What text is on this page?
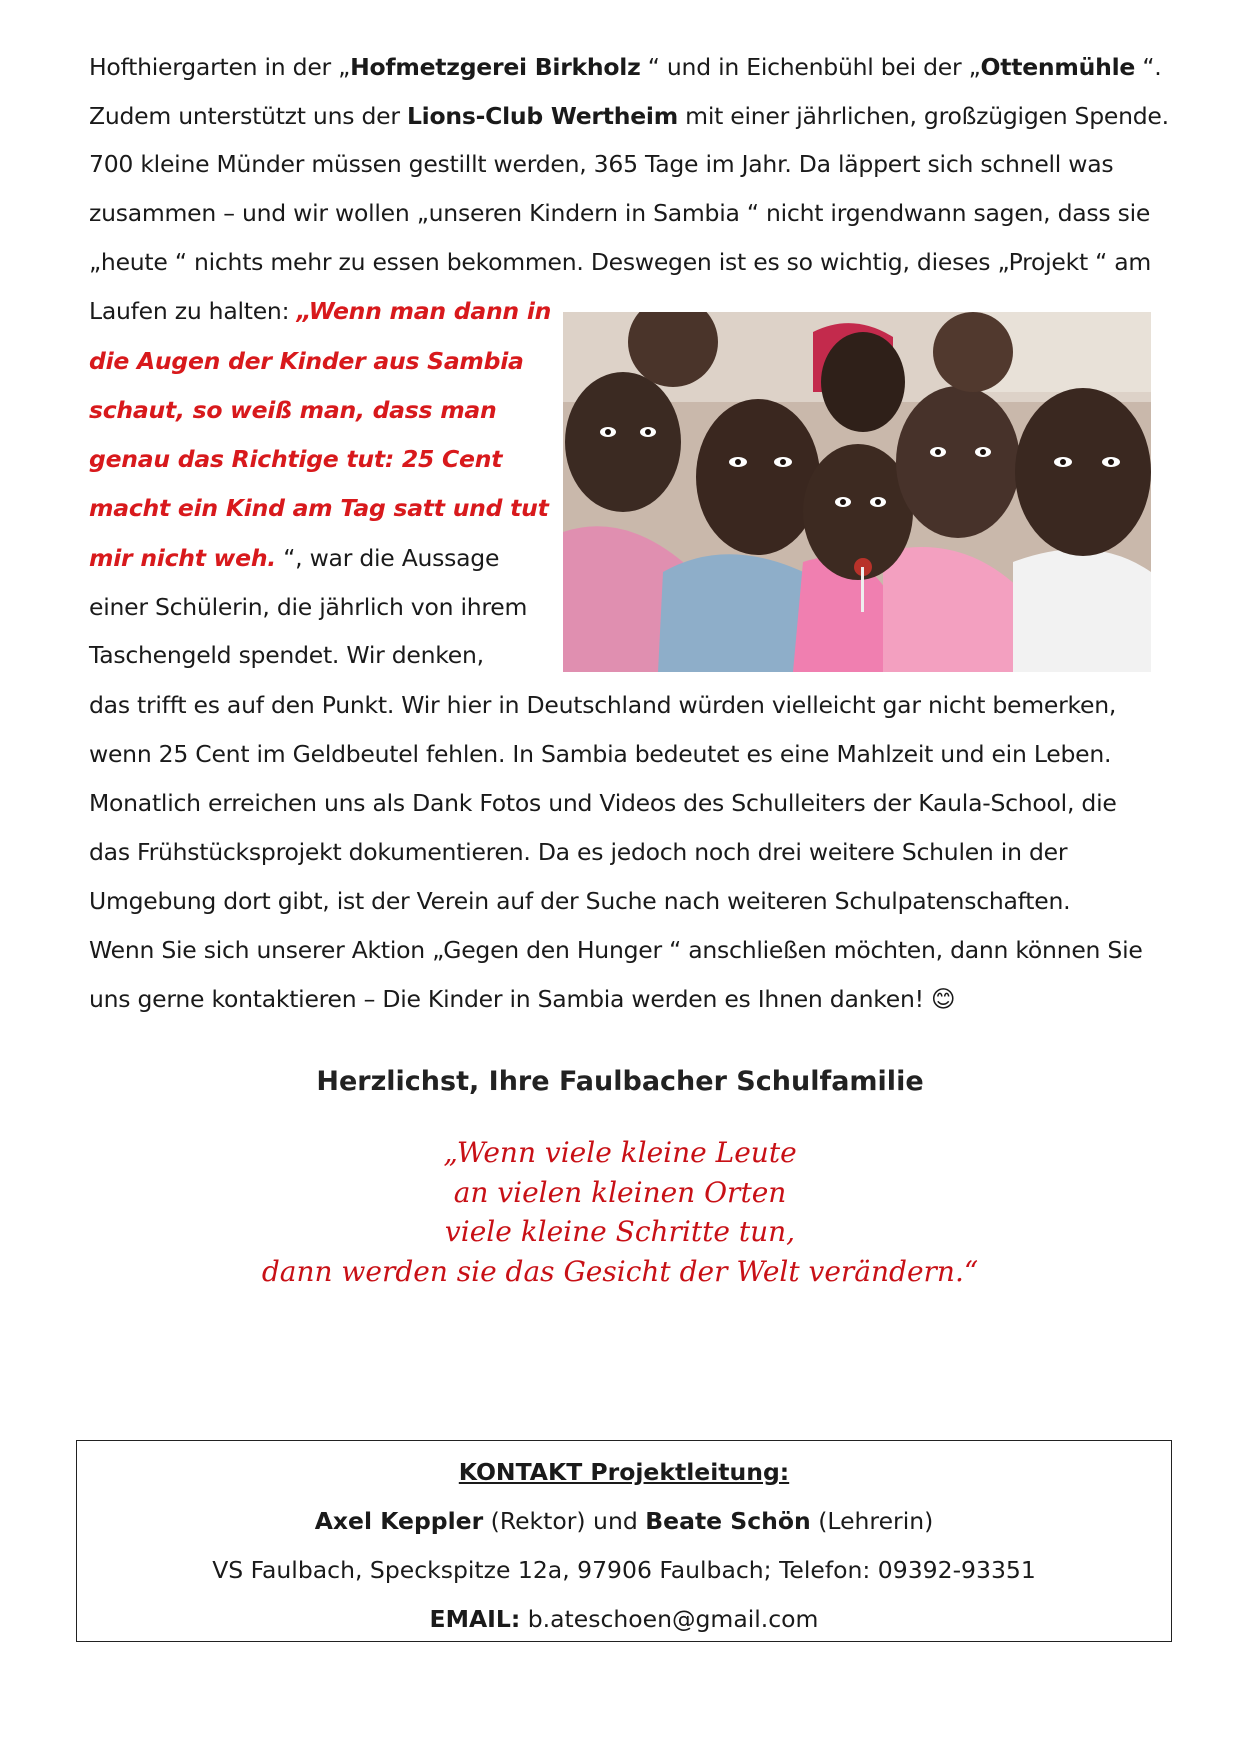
Hofthiergarten in der „Hofmetzgerei Birkholz “ und in Eichenbühl bei der „Ottenmühle “.
Zudem unterstützt uns der Lions-Club Wertheim mit einer jährlichen, großzügigen Spende.
700 kleine Münder müssen gestillt werden, 365 Tage im Jahr. Da läppert sich schnell was
zusammen – und wir wollen „unseren Kindern in Sambia “ nicht irgendwann sagen, dass sie
„heute “ nichts mehr zu essen bekommen. Deswegen ist es so wichtig, dieses „Projekt “ am
Laufen zu halten: „Wenn man dann in
die Augen der Kinder aus Sambia
schaut, so weiß man, dass man
genau das Richtige tut: 25 Cent
macht ein Kind am Tag satt und tut
mir nicht weh. “, war die Aussage
einer Schülerin, die jährlich von ihrem
Taschengeld spendet. Wir denken,
das trifft es auf den Punkt. Wir hier in Deutschland würden vielleicht gar nicht bemerken,
wenn 25 Cent im Geldbeutel fehlen. In Sambia bedeutet es eine Mahlzeit und ein Leben.
Monatlich erreichen uns als Dank Fotos und Videos des Schulleiters der Kaula-School, die
das Frühstücksprojekt dokumentieren. Da es jedoch noch drei weitere Schulen in der
Umgebung dort gibt, ist der Verein auf der Suche nach weiteren Schulpatenschaften.
Wenn Sie sich unserer Aktion „Gegen den Hunger “ anschließen möchten, dann können Sie
uns gerne kontaktieren – Die Kinder in Sambia werden es Ihnen danken! 😊
Herzlichst, Ihre Faulbacher Schulfamilie
„Wenn viele kleine Leute
an vielen kleinen Orten
viele kleine Schritte tun,
dann werden sie das Gesicht der Welt verändern.“
KONTAKT Projektleitung:
Axel Keppler (Rektor) und Beate Schön (Lehrerin)
VS Faulbach, Speckspitze 12a, 97906 Faulbach; Telefon: 09392-93351
EMAIL: b.ateschoen@gmail.com
